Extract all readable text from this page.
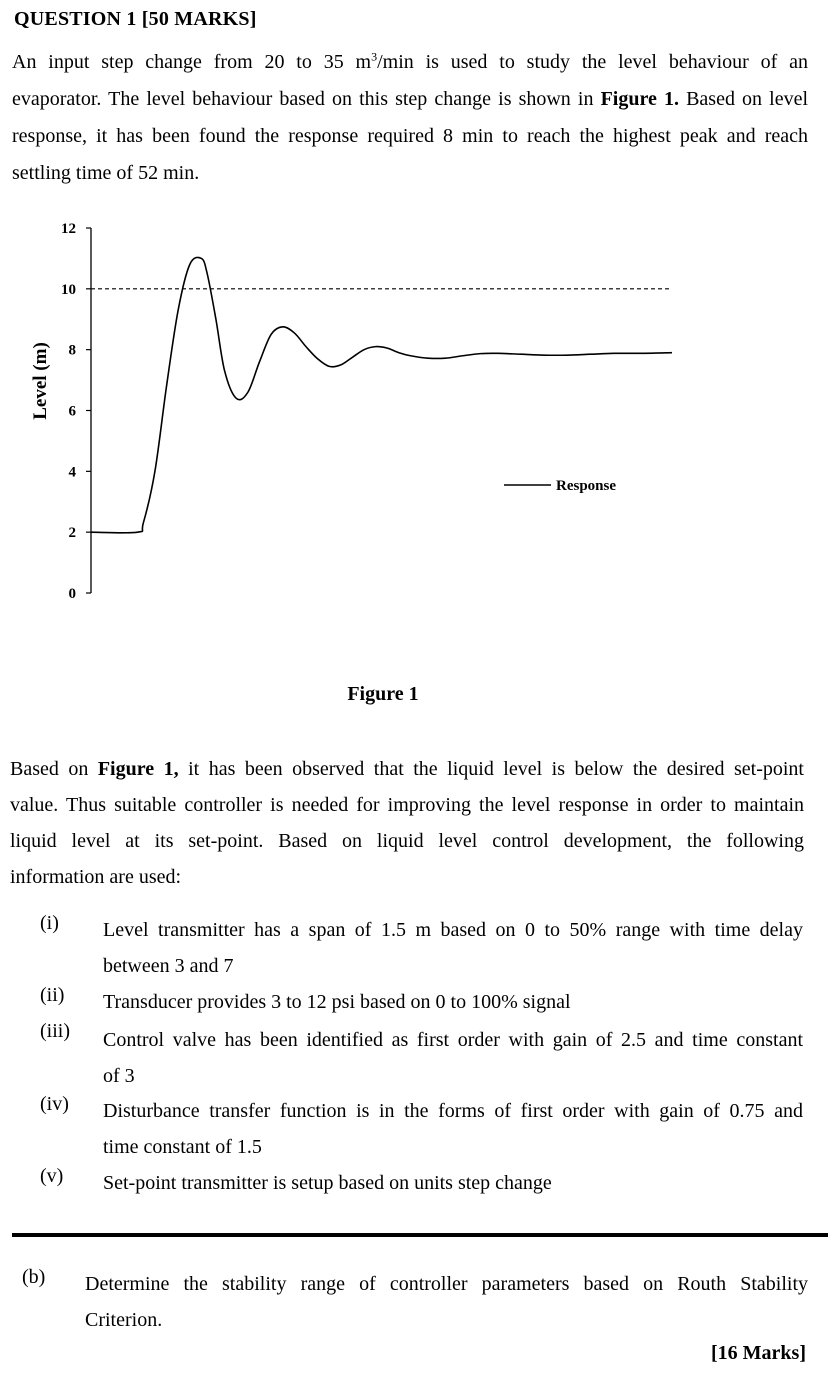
QUESTION 1 [50 MARKS]
An input step change from 20 to 35 $m^3/\min$ is used to study the level behaviour of an
evaporator. The level behaviour based on this step change is shown in Figure 1. Based on level
response, it has been found the response required 8 min to reach the highest peak and reach
settling time of 52 min.
0
2
4
6
8
10
12
Level (m)
Response
Figure 1
Based on Figure 1, it has been observed that the liquid level is below the desired set-point
value. Thus suitable controller is needed for improving the level response in order to maintain
liquid level at its set-point. Based on liquid level control development, the following
information are used:
(i) Level transmitter has a span of 1.5 m based on 0 to 50% range with time delay
between 3 and 7
(ii) Transducer provides 3 to 12 psi based on 0 to 100% signal
(iii) Control valve has been identified as first order with gain of 2.5 and time constant
of 3
(iv) Disturbance transfer function is in the forms of first order with gain of 0.75 and
time constant of 1.5
(v) Set-point transmitter is setup based on units step change
(b) Determine the stability range of controller parameters based on Routh Stability
Criterion.
[16 Marks]
